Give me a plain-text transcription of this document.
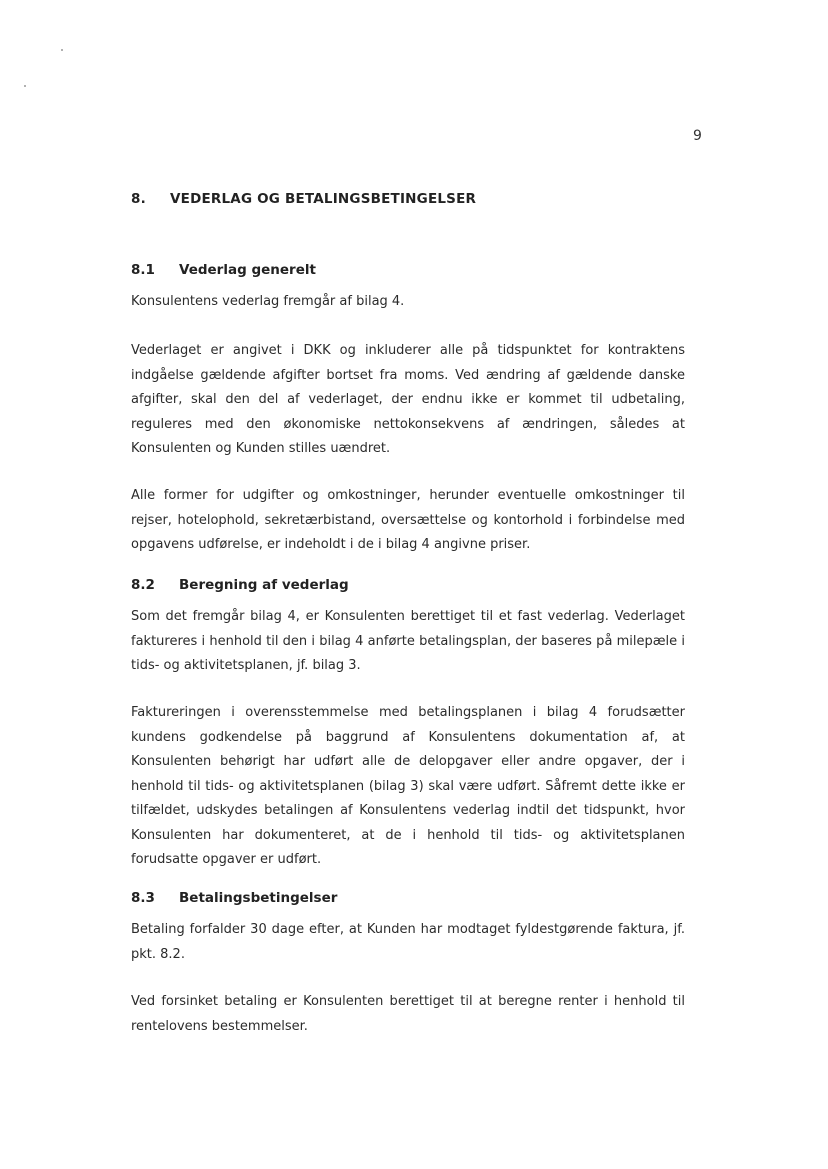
9
8. VEDERLAG OG BETALINGSBETINGELSER
8.1 Vederlag generelt

Konsulentens vederlag fremgår af bilag 4.

Vederlaget er angivet i DKK og inkluderer alle på tidspunktet for kontraktens indgåelse gældende afgifter bortset fra moms. Ved ændring af gældende danske afgifter, skal den del af vederlaget, der endnu ikke er kommet til udbetaling, reguleres med den økonomiske nettokonsekvens af ændringen, således at Konsulenten og Kunden stilles uændret.

Alle former for udgifter og omkostninger, herunder eventuelle omkostninger til rejser, hotelophold, sekretærbistand, oversættelse og kontorhold i forbindelse med opgavens udførelse, er indeholdt i de i bilag 4 angivne priser.

8.2 Beregning af vederlag

Som det fremgår bilag 4, er Konsulenten berettiget til et fast vederlag. Vederlaget faktureres i henhold til den i bilag 4 anførte betalingsplan, der baseres på milepæle i tids- og aktivitetsplanen, jf. bilag 3.

Faktureringen i overensstemmelse med betalingsplanen i bilag 4 forudsætter kundens godkendelse på baggrund af Konsulentens dokumentation af, at Konsulenten behørigt har udført alle de delopgaver eller andre opgaver, der i henhold til tids- og aktivitetsplanen (bilag 3) skal være udført. Såfremt dette ikke er tilfældet, udskydes betalingen af Konsulentens vederlag indtil det tidspunkt, hvor Konsulenten har dokumenteret, at de i henhold til tids- og aktivitetsplanen forudsatte opgaver er udført.

8.3 Betalingsbetingelser

Betaling forfalder 30 dage efter, at Kunden har modtaget fyldestgørende faktura, jf. pkt. 8.2.

Ved forsinket betaling er Konsulenten berettiget til at beregne renter i henhold til rentelovens bestemmelser.
